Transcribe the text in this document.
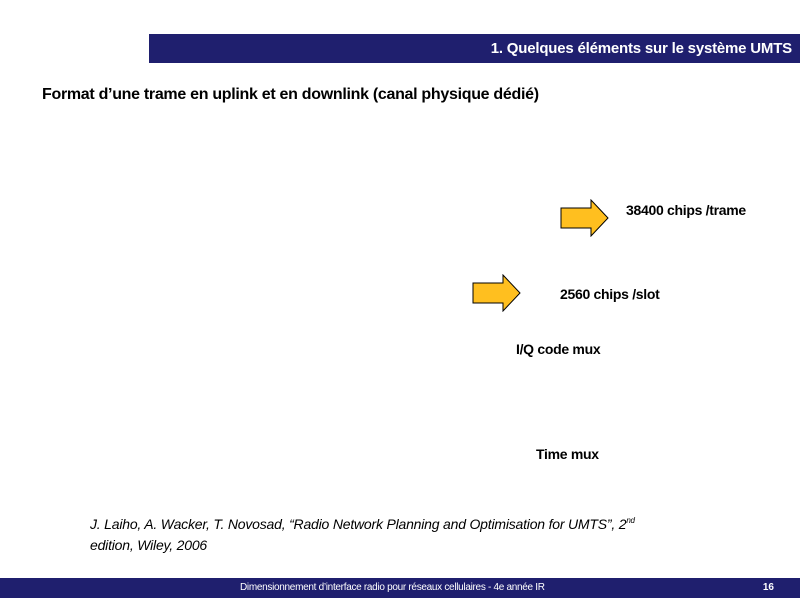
1. Quelques éléments sur le système UMTS
Format d’une trame en uplink et en downlink (canal physique dédié)
38400 chips /trame
2560 chips /slot
I/Q code mux
Time mux
J. Laiho, A. Wacker, T. Novosad, “Radio Network Planning and Optimisation for UMTS”, 2nd
edition, Wiley, 2006
Dimensionnement d’interface radio pour réseaux cellulaires - 4e année IR	16
